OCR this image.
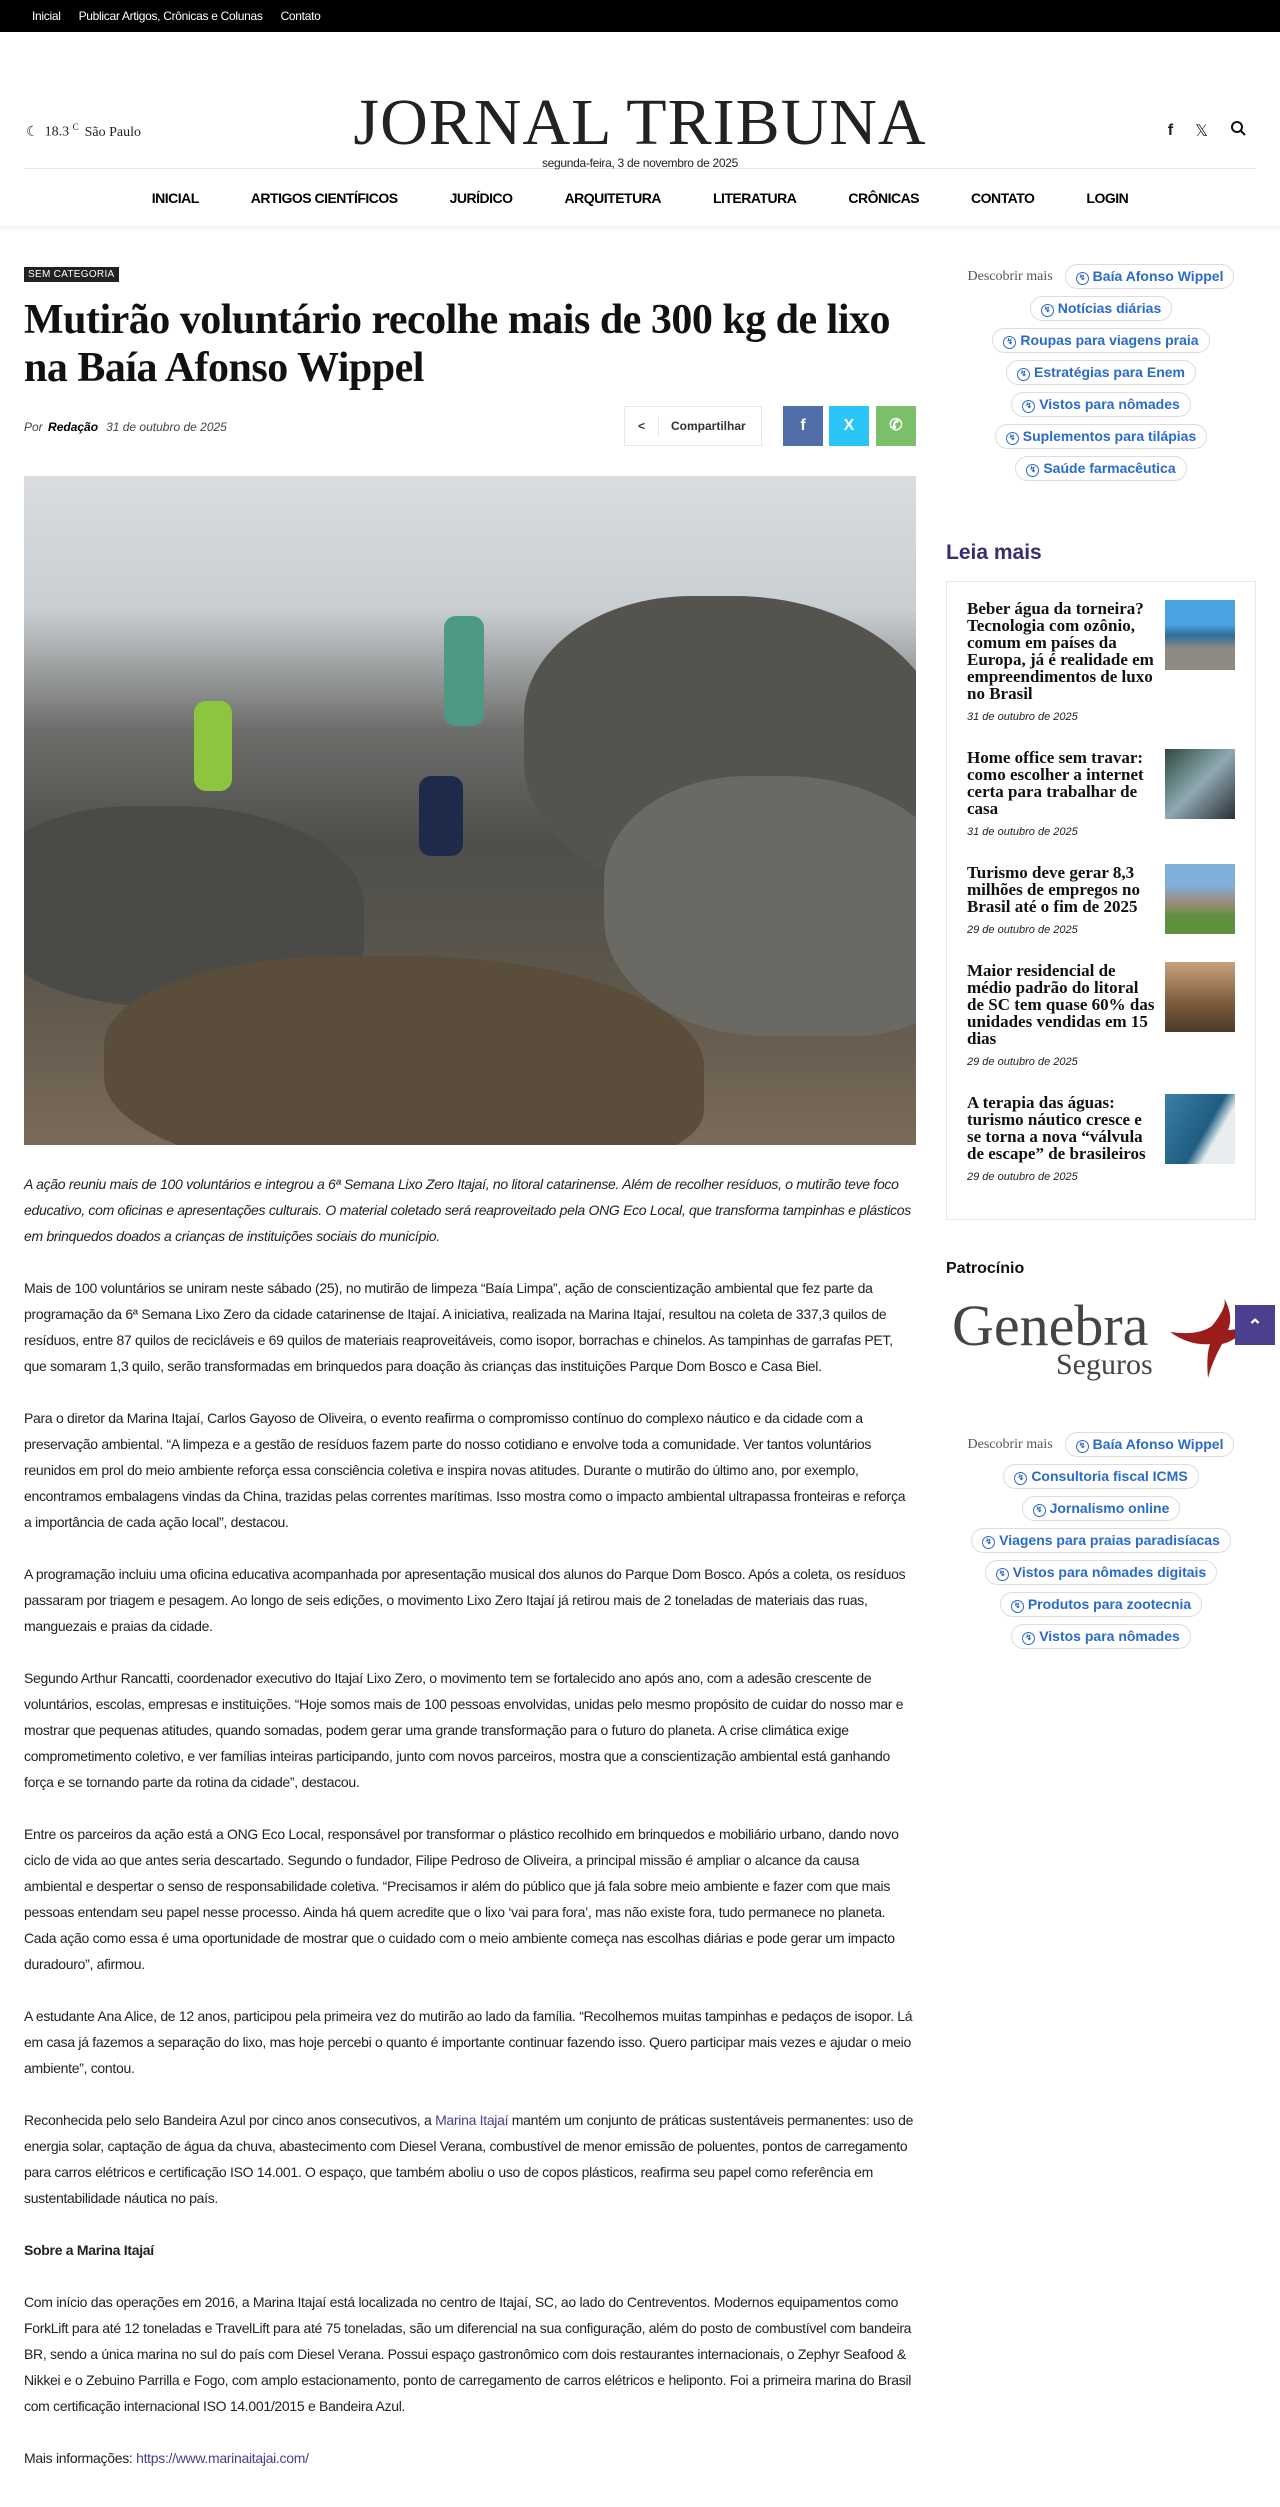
Inicial Publicar Artigos, Crônicas e Colunas Contato
☾ 18.3 $^C$ São Paulo	JORNAL TRIBUNA
segunda-feira, 3 de novembro de 2025
f 𝕏
INICIAL	ARTIGOS CIENTÍFICOS	JURÍDICO	ARQUITETURA	LITERATURA	CRÔNICAS	CONTATO	LOGIN
SEM CATEGORIA
Mutirão voluntário recolhe mais de 300 kg de lixo na Baía Afonso Wippel
Por Redação 31 de outubro de 2025	<	Compartilhar	f	X	✆

A ação reuniu mais de 100 voluntários e integrou a 6ª Semana Lixo Zero Itajaí, no litoral catarinense. Além de recolher resíduos, o mutirão teve foco educativo, com oficinas e apresentações culturais. O material coletado será reaproveitado pela ONG Eco Local, que transforma tampinhas e plásticos em brinquedos doados a crianças de instituições sociais do município.

Mais de 100 voluntários se uniram neste sábado (25), no mutirão de limpeza “Baía Limpa”, ação de conscientização ambiental que fez parte da programação da 6ª Semana Lixo Zero da cidade catarinense de Itajaí. A iniciativa, realizada na Marina Itajaí, resultou na coleta de 337,3 quilos de resíduos, entre 87 quilos de recicláveis e 69 quilos de materiais reaproveitáveis, como isopor, borrachas e chinelos. As tampinhas de garrafas PET, que somaram 1,3 quilo, serão transformadas em brinquedos para doação às crianças das instituições Parque Dom Bosco e Casa Biel.

Para o diretor da Marina Itajaí, Carlos Gayoso de Oliveira, o evento reafirma o compromisso contínuo do complexo náutico e da cidade com a preservação ambiental. “A limpeza e a gestão de resíduos fazem parte do nosso cotidiano e envolve toda a comunidade. Ver tantos voluntários reunidos em prol do meio ambiente reforça essa consciência coletiva e inspira novas atitudes. Durante o mutirão do último ano, por exemplo, encontramos embalagens vindas da China, trazidas pelas correntes marítimas. Isso mostra como o impacto ambiental ultrapassa fronteiras e reforça a importância de cada ação local”, destacou.

A programação incluiu uma oficina educativa acompanhada por apresentação musical dos alunos do Parque Dom Bosco. Após a coleta, os resíduos passaram por triagem e pesagem. Ao longo de seis edições, o movimento Lixo Zero Itajaí já retirou mais de 2 toneladas de materiais das ruas, manguezais e praias da cidade.

Segundo Arthur Rancatti, coordenador executivo do Itajaí Lixo Zero, o movimento tem se fortalecido ano após ano, com a adesão crescente de voluntários, escolas, empresas e instituições. “Hoje somos mais de 100 pessoas envolvidas, unidas pelo mesmo propósito de cuidar do nosso mar e mostrar que pequenas atitudes, quando somadas, podem gerar uma grande transformação para o futuro do planeta. A crise climática exige comprometimento coletivo, e ver famílias inteiras participando, junto com novos parceiros, mostra que a conscientização ambiental está ganhando força e se tornando parte da rotina da cidade”, destacou.

Entre os parceiros da ação está a ONG Eco Local, responsável por transformar o plástico recolhido em brinquedos e mobiliário urbano, dando novo ciclo de vida ao que antes seria descartado. Segundo o fundador, Filipe Pedroso de Oliveira, a principal missão é ampliar o alcance da causa ambiental e despertar o senso de responsabilidade coletiva. “Precisamos ir além do público que já fala sobre meio ambiente e fazer com que mais pessoas entendam seu papel nesse processo. Ainda há quem acredite que o lixo ‘vai para fora’, mas não existe fora, tudo permanece no planeta. Cada ação como essa é uma oportunidade de mostrar que o cuidado com o meio ambiente começa nas escolhas diárias e pode gerar um impacto duradouro”, afirmou.

A estudante Ana Alice, de 12 anos, participou pela primeira vez do mutirão ao lado da família. “Recolhemos muitas tampinhas e pedaços de isopor. Lá em casa já fazemos a separação do lixo, mas hoje percebi o quanto é importante continuar fazendo isso. Quero participar mais vezes e ajudar o meio ambiente”, contou.

Reconhecida pelo selo Bandeira Azul por cinco anos consecutivos, a Marina Itajaí mantém um conjunto de práticas sustentáveis permanentes: uso de energia solar, captação de água da chuva, abastecimento com Diesel Verana, combustível de menor emissão de poluentes, pontos de carregamento para carros elétricos e certificação ISO 14.001. O espaço, que também aboliu o uso de copos plásticos, reafirma seu papel como referência em sustentabilidade náutica no país.

Sobre a Marina Itajaí

Com início das operações em 2016, a Marina Itajaí está localizada no centro de Itajaí, SC, ao lado do Centreventos. Modernos equipamentos como ForkLift para até 12 toneladas e TravelLift para até 75 toneladas, são um diferencial na sua configuração, além do posto de combustível com bandeira BR, sendo a única marina no sul do país com Diesel Verana. Possui espaço gastronômico com dois restaurantes internacionais, o Zephyr Seafood & Nikkei e o Zebuino Parrilla e Fogo, com amplo estacionamento, ponto de carregamento de carros elétricos e heliponto. Foi a primeira marina do Brasil com certificação internacional ISO 14.001/2015 e Bandeira Azul.

Mais informações: https://www.marinaitajai.com/

Descobrir mais	↯ Baía Afonso Wippel
↯ Notícias diárias
↯ Roupas para viagens praia
↯ Estratégias para Enem
↯ Vistos para nômades
↯ Suplementos para tilápias
↯ Saúde farmacêutica
Leia mais
Beber água da torneira? Tecnologia com ozônio, comum em países da Europa, já é realidade em empreendimentos de luxo no Brasil
31 de outubro de 2025
Home office sem travar: como escolher a internet certa para trabalhar de casa
31 de outubro de 2025
Turismo deve gerar 8,3 milhões de empregos no Brasil até o fim de 2025
29 de outubro de 2025
Maior residencial de médio padrão do litoral de SC tem quase 60% das unidades vendidas em 15 dias
29 de outubro de 2025
A terapia das águas: turismo náutico cresce e se torna a nova “válvula de escape” de brasileiros
29 de outubro de 2025
Patrocínio
Genebra
Seguros
Descobrir mais	↯ Baía Afonso Wippel
↯ Consultoria fiscal ICMS
↯ Jornalismo online
↯ Viagens para praias paradisíacas
↯ Vistos para nômades digitais
↯ Produtos para zootecnia
↯ Vistos para nômades
⌃
